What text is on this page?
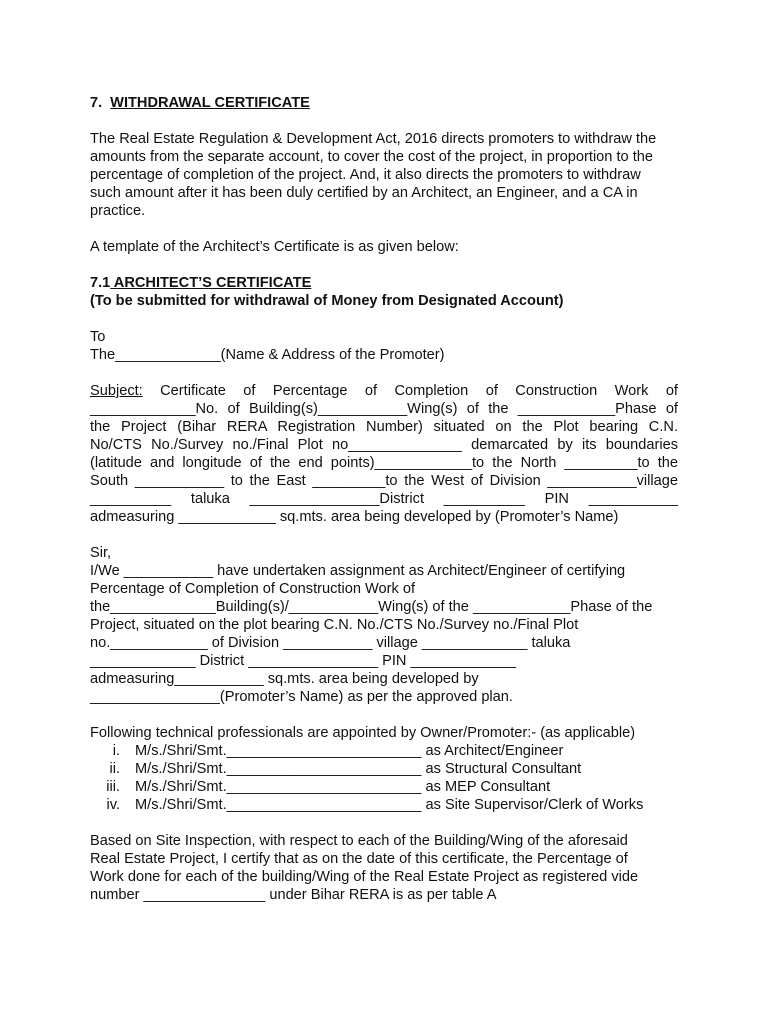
7. WITHDRAWAL CERTIFICATE

The Real Estate Regulation & Development Act, 2016 directs promoters to withdraw the
amounts from the separate account, to cover the cost of the project, in proportion to the
percentage of completion of the project. And, it also directs the promoters to withdraw
such amount after it has been duly certified by an Architect, an Engineer, and a CA in
practice.

A template of the Architect’s Certificate is as given below:

7.1 ARCHITECT’S CERTIFICATE

(To be submitted for withdrawal of Money from Designated Account)

To

The_____________(Name & Address of the Promoter)

Subject: Certificate of Percentage of Completion of Construction Work of
_____________No. of Building(s)___________Wing(s) of the ____________Phase of
the Project (Bihar RERA Registration Number) situated on the Plot bearing C.N.
No/CTS No./Survey no./Final Plot no______________ demarcated by its boundaries
(latitude and longitude of the end points)____________to the North _________to the
South ___________ to the East _________to the West of Division ___________village
__________ taluka ________________District __________ PIN ___________
admeasuring ____________ sq.mts. area being developed by (Promoter’s Name)

Sir,

I/We ___________ have undertaken assignment as Architect/Engineer of certifying
Percentage of Completion of Construction Work of
the_____________Building(s)/___________Wing(s) of the ____________Phase of the
Project, situated on the plot bearing C.N. No./CTS No./Survey no./Final Plot
no.____________ of Division ___________ village _____________ taluka
_____________ District ________________ PIN _____________
admeasuring___________ sq.mts. area being developed by
________________(Promoter’s Name) as per the approved plan.

Following technical professionals are appointed by Owner/Promoter:- (as applicable)

i. M/s./Shri/Smt.________________________ as Architect/Engineer
ii. M/s./Shri/Smt.________________________ as Structural Consultant
iii. M/s./Shri/Smt.________________________ as MEP Consultant
iv. M/s./Shri/Smt.________________________ as Site Supervisor/Clerk of Works
Based on Site Inspection, with respect to each of the Building/Wing of the aforesaid
Real Estate Project, I certify that as on the date of this certificate, the Percentage of
Work done for each of the building/Wing of the Real Estate Project as registered vide
number _______________ under Bihar RERA is as per table A
